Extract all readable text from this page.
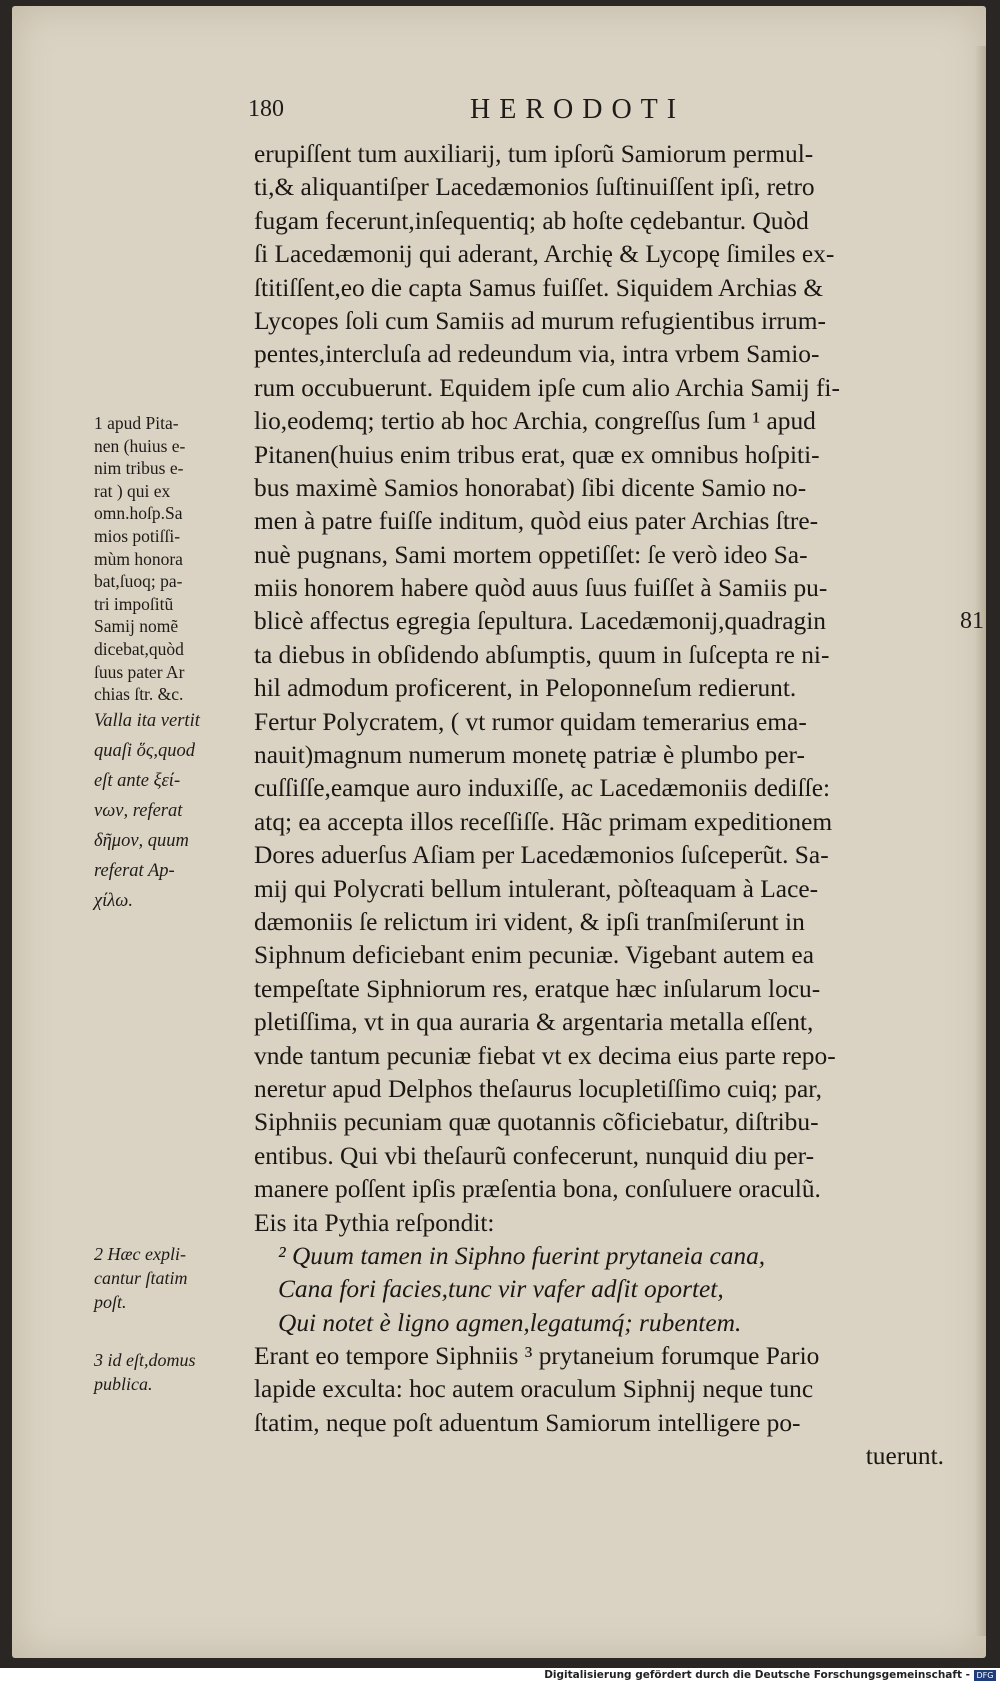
180	HERODOTI
erupiſſent tum auxiliarij, tum ipſorũ Samiorum permul-
ti,& aliquantiſper Lacedæmonios ſuſtinuiſſent ipſi, retro
fugam fecerunt,inſequentiq; ab hoſte cędebantur. Quòd
ſi Lacedæmonij qui aderant, Archię & Lycopę ſimiles ex-
ſtitiſſent,eo die capta Samus fuiſſet. Siquidem Archias &
Lycopes ſoli cum Samiis ad murum refugientibus irrum-
pentes,intercluſa ad redeundum via, intra vrbem Samio-
rum occubuerunt. Equidem ipſe cum alio Archia Samij fi-
lio,eodemq; tertio ab hoc Archia, congreſſus ſum ¹ apud
Pitanen(huius enim tribus erat, quæ ex omnibus hoſpiti-
bus maximè Samios honorabat) ſibi dicente Samio no-
men à patre fuiſſe inditum, quòd eius pater Archias ſtre-
nuè pugnans, Sami mortem oppetiſſet: ſe verò ideo Sa-
miis honorem habere quòd auus ſuus fuiſſet à Samiis pu-
blicè affectus egregia ſepultura. Lacedæmonij,quadragin
ta diebus in obſidendo abſumptis, quum in ſuſcepta re ni-
hil admodum proficerent, in Peloponneſum redierunt.
Fertur Polycratem, ( vt rumor quidam temerarius ema-
nauit)magnum numerum monetę patriæ è plumbo per-
cuſſiſſe,eamque auro induxiſſe, ac Lacedæmoniis dediſſe:
atq; ea accepta illos receſſiſſe. Hãc primam expeditionem
Dores aduerſus Aſiam per Lacedæmonios ſuſceperũt. Sa-
mij qui Polycrati bellum intulerant, pòſteaquam à Lace-
dæmoniis ſe relictum iri vident, & ipſi tranſmiſerunt in
Siphnum deficiebant enim pecuniæ. Vigebant autem ea
tempeſtate Siphniorum res, eratque hæc inſularum locu-
pletiſſima, vt in qua auraria & argentaria metalla eſſent,
vnde tantum pecuniæ fiebat vt ex decima eius parte repo-
neretur apud Delphos theſaurus locupletiſſimo cuiq; par,
Siphniis pecuniam quæ quotannis cõficiebatur, diſtribu-
entibus. Qui vbi theſaurũ confecerunt, nunquid diu per-
manere poſſent ipſis præſentia bona, conſuluere oraculũ.
Eis ita Pythia reſpondit:
² Quum tamen in Siphno fuerint prytaneia cana,
Cana fori facies,tunc vir vafer adſit oportet,
Qui notet è ligno agmen,legatumq́; rubentem.
Erant eo tempore Siphniis ³ prytaneium forumque Pario
lapide exculta: hoc autem oraculum Siphnij neque tunc
ſtatim, neque poſt aduentum Samiorum intelligere po-
tuerunt.
81
1 apud Pita-
nen (huius e-
nim tribus e-
rat ) qui ex
omn.hoſp.Sa
mios potiſſi-
mùm honora
bat,ſuoq; pa-
tri impoſitũ
Samij nomẽ
dicebat,quòd
ſuus pater Ar
chias ſtr. &c.
Valla ita vertit
quaſi ὅς,quod
eſt ante ξεί-
νων, referat
δῆμον, quum
referat Ap-
χίλω.
2 Hæc expli-
cantur ſtatim
poſt.
3 id eſt,domus
publica.
Digitalisierung gefördert durch die Deutsche Forschungsgemeinschaft - DFG
